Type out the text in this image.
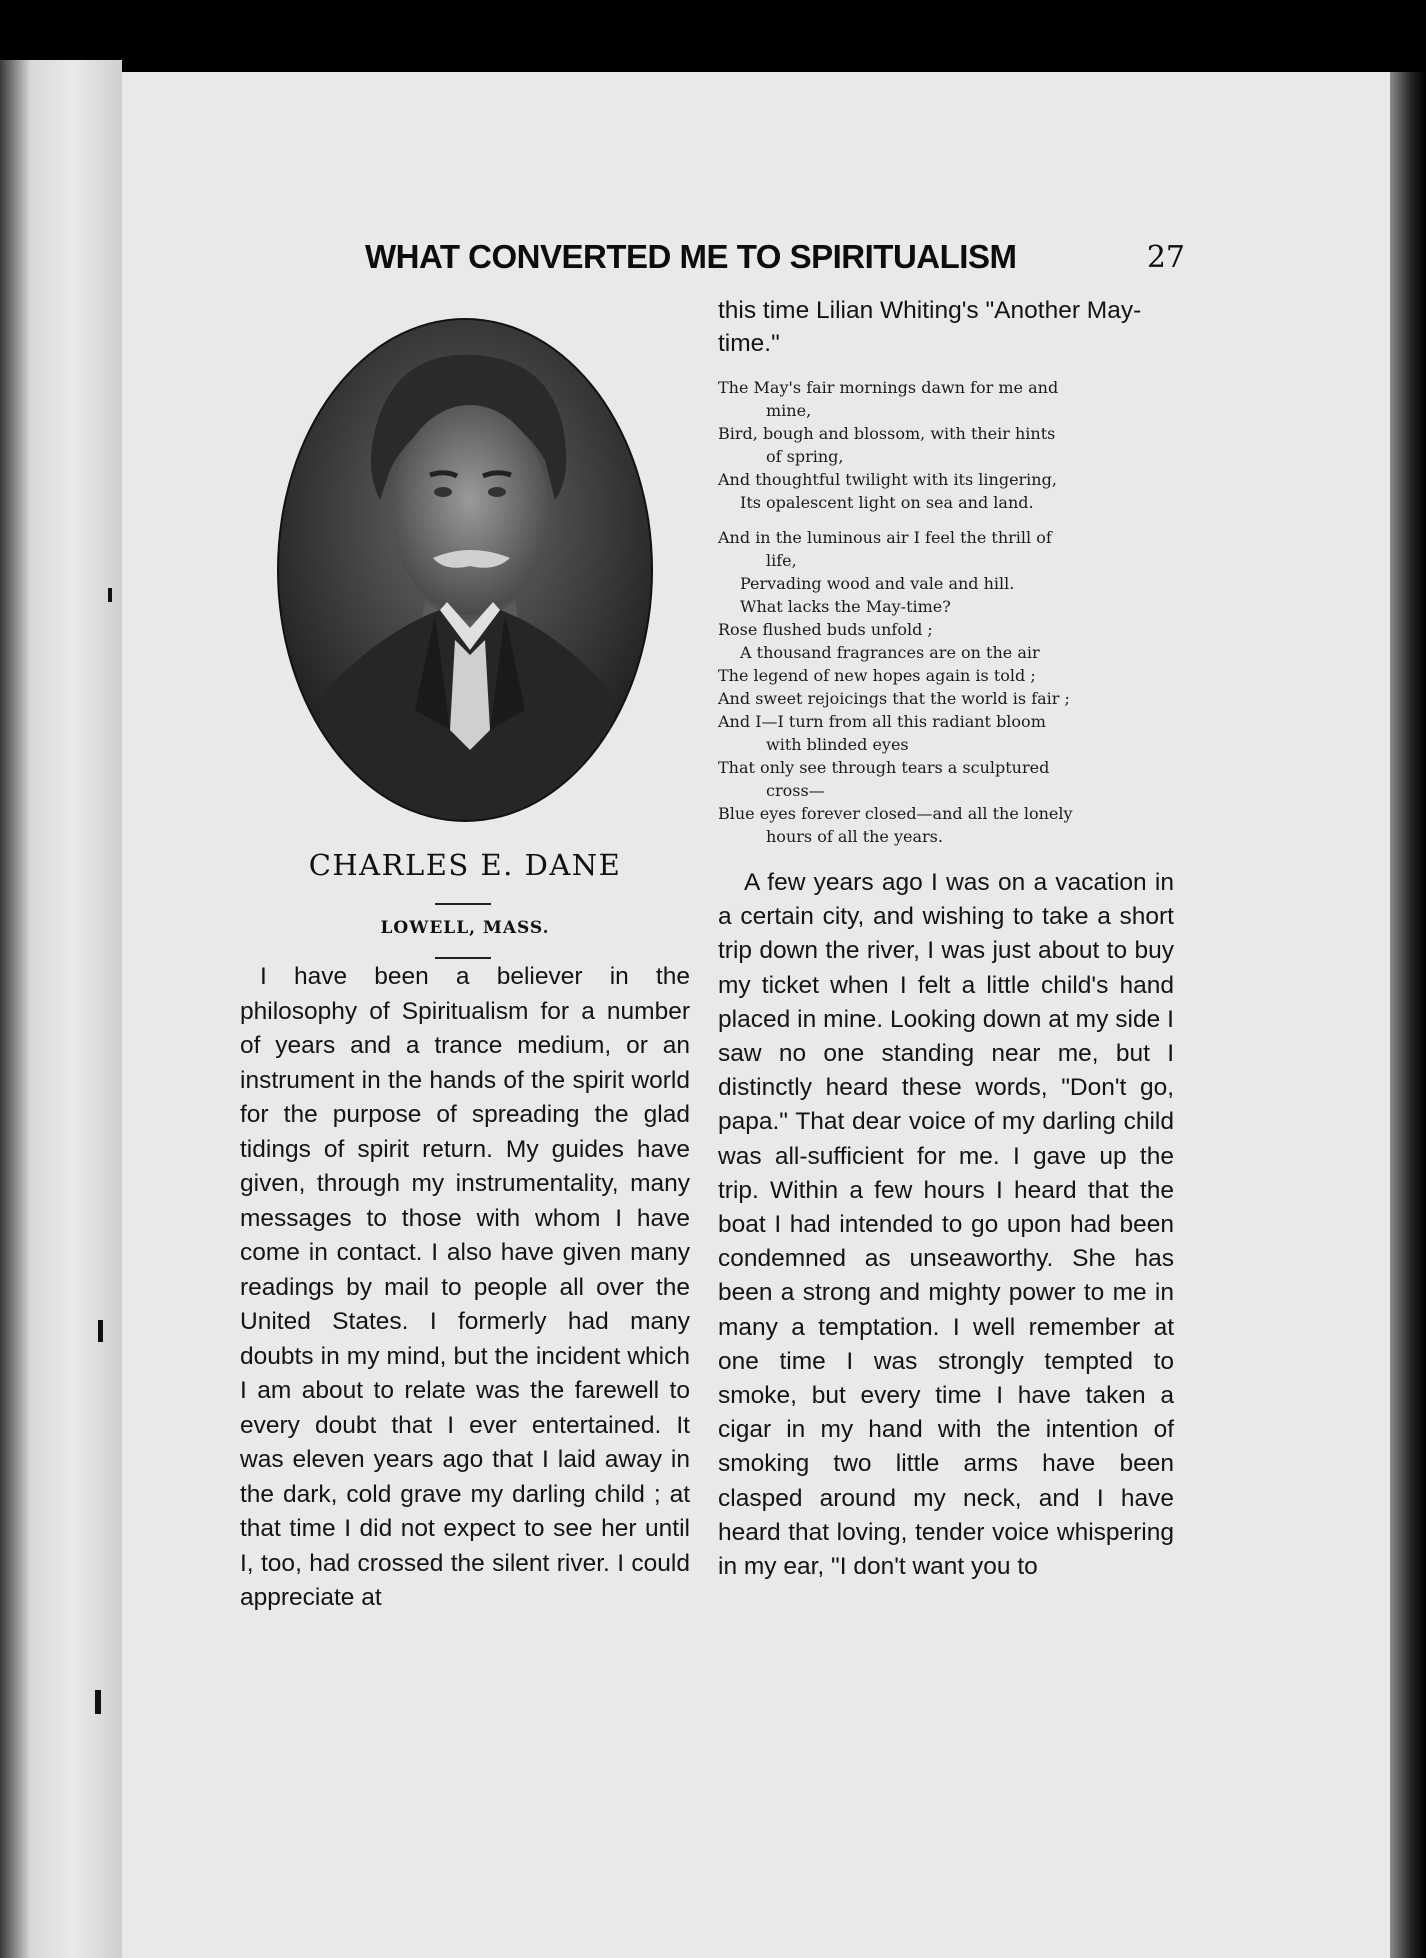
WHAT CONVERTED ME TO SPIRITUALISM	27
CHARLES E. DANE
LOWELL, MASS.

I have been a believer in the philosophy of Spiritualism for a number of years and a trance medium, or an instrument in the hands of the spirit world for the purpose of spreading the glad tidings of spirit return. My guides have given, through my instrumentality, many messages to those with whom I have come in contact. I also have given many readings by mail to people all over the United States. I formerly had many doubts in my mind, but the incident which I am about to relate was the farewell to every doubt that I ever entertained. It was eleven years ago that I laid away in the dark, cold grave my darling child ; at that time I did not expect to see her until I, too, had crossed the silent river. I could appreciate at

this time Lilian Whiting's "Another May-time."
The May's fair mornings dawn for me and
mine,
Bird, bough and blossom, with their hints
of spring,
And thoughtful twilight with its lingering,
Its opalescent light on sea and land.
And in the luminous air I feel the thrill of
life,
Pervading wood and vale and hill.
What lacks the May-time?
Rose flushed buds unfold ;
A thousand fragrances are on the air
The legend of new hopes again is told ;
And sweet rejoicings that the world is fair ;
And I—I turn from all this radiant bloom
with blinded eyes
That only see through tears a sculptured
cross—
Blue eyes forever closed—and all the lonely
hours of all the years.

A few years ago I was on a vacation in a certain city, and wishing to take a short trip down the river, I was just about to buy my ticket when I felt a little child's hand placed in mine. Looking down at my side I saw no one standing near me, but I distinctly heard these words, "Don't go, papa." That dear voice of my darling child was all-sufficient for me. I gave up the trip. Within a few hours I heard that the boat I had intended to go upon had been condemned as unseaworthy. She has been a strong and mighty power to me in many a temptation. I well remember at one time I was strongly tempted to smoke, but every time I have taken a cigar in my hand with the intention of smoking two little arms have been clasped around my neck, and I have heard that loving, tender voice whispering in my ear, "I don't want you to
